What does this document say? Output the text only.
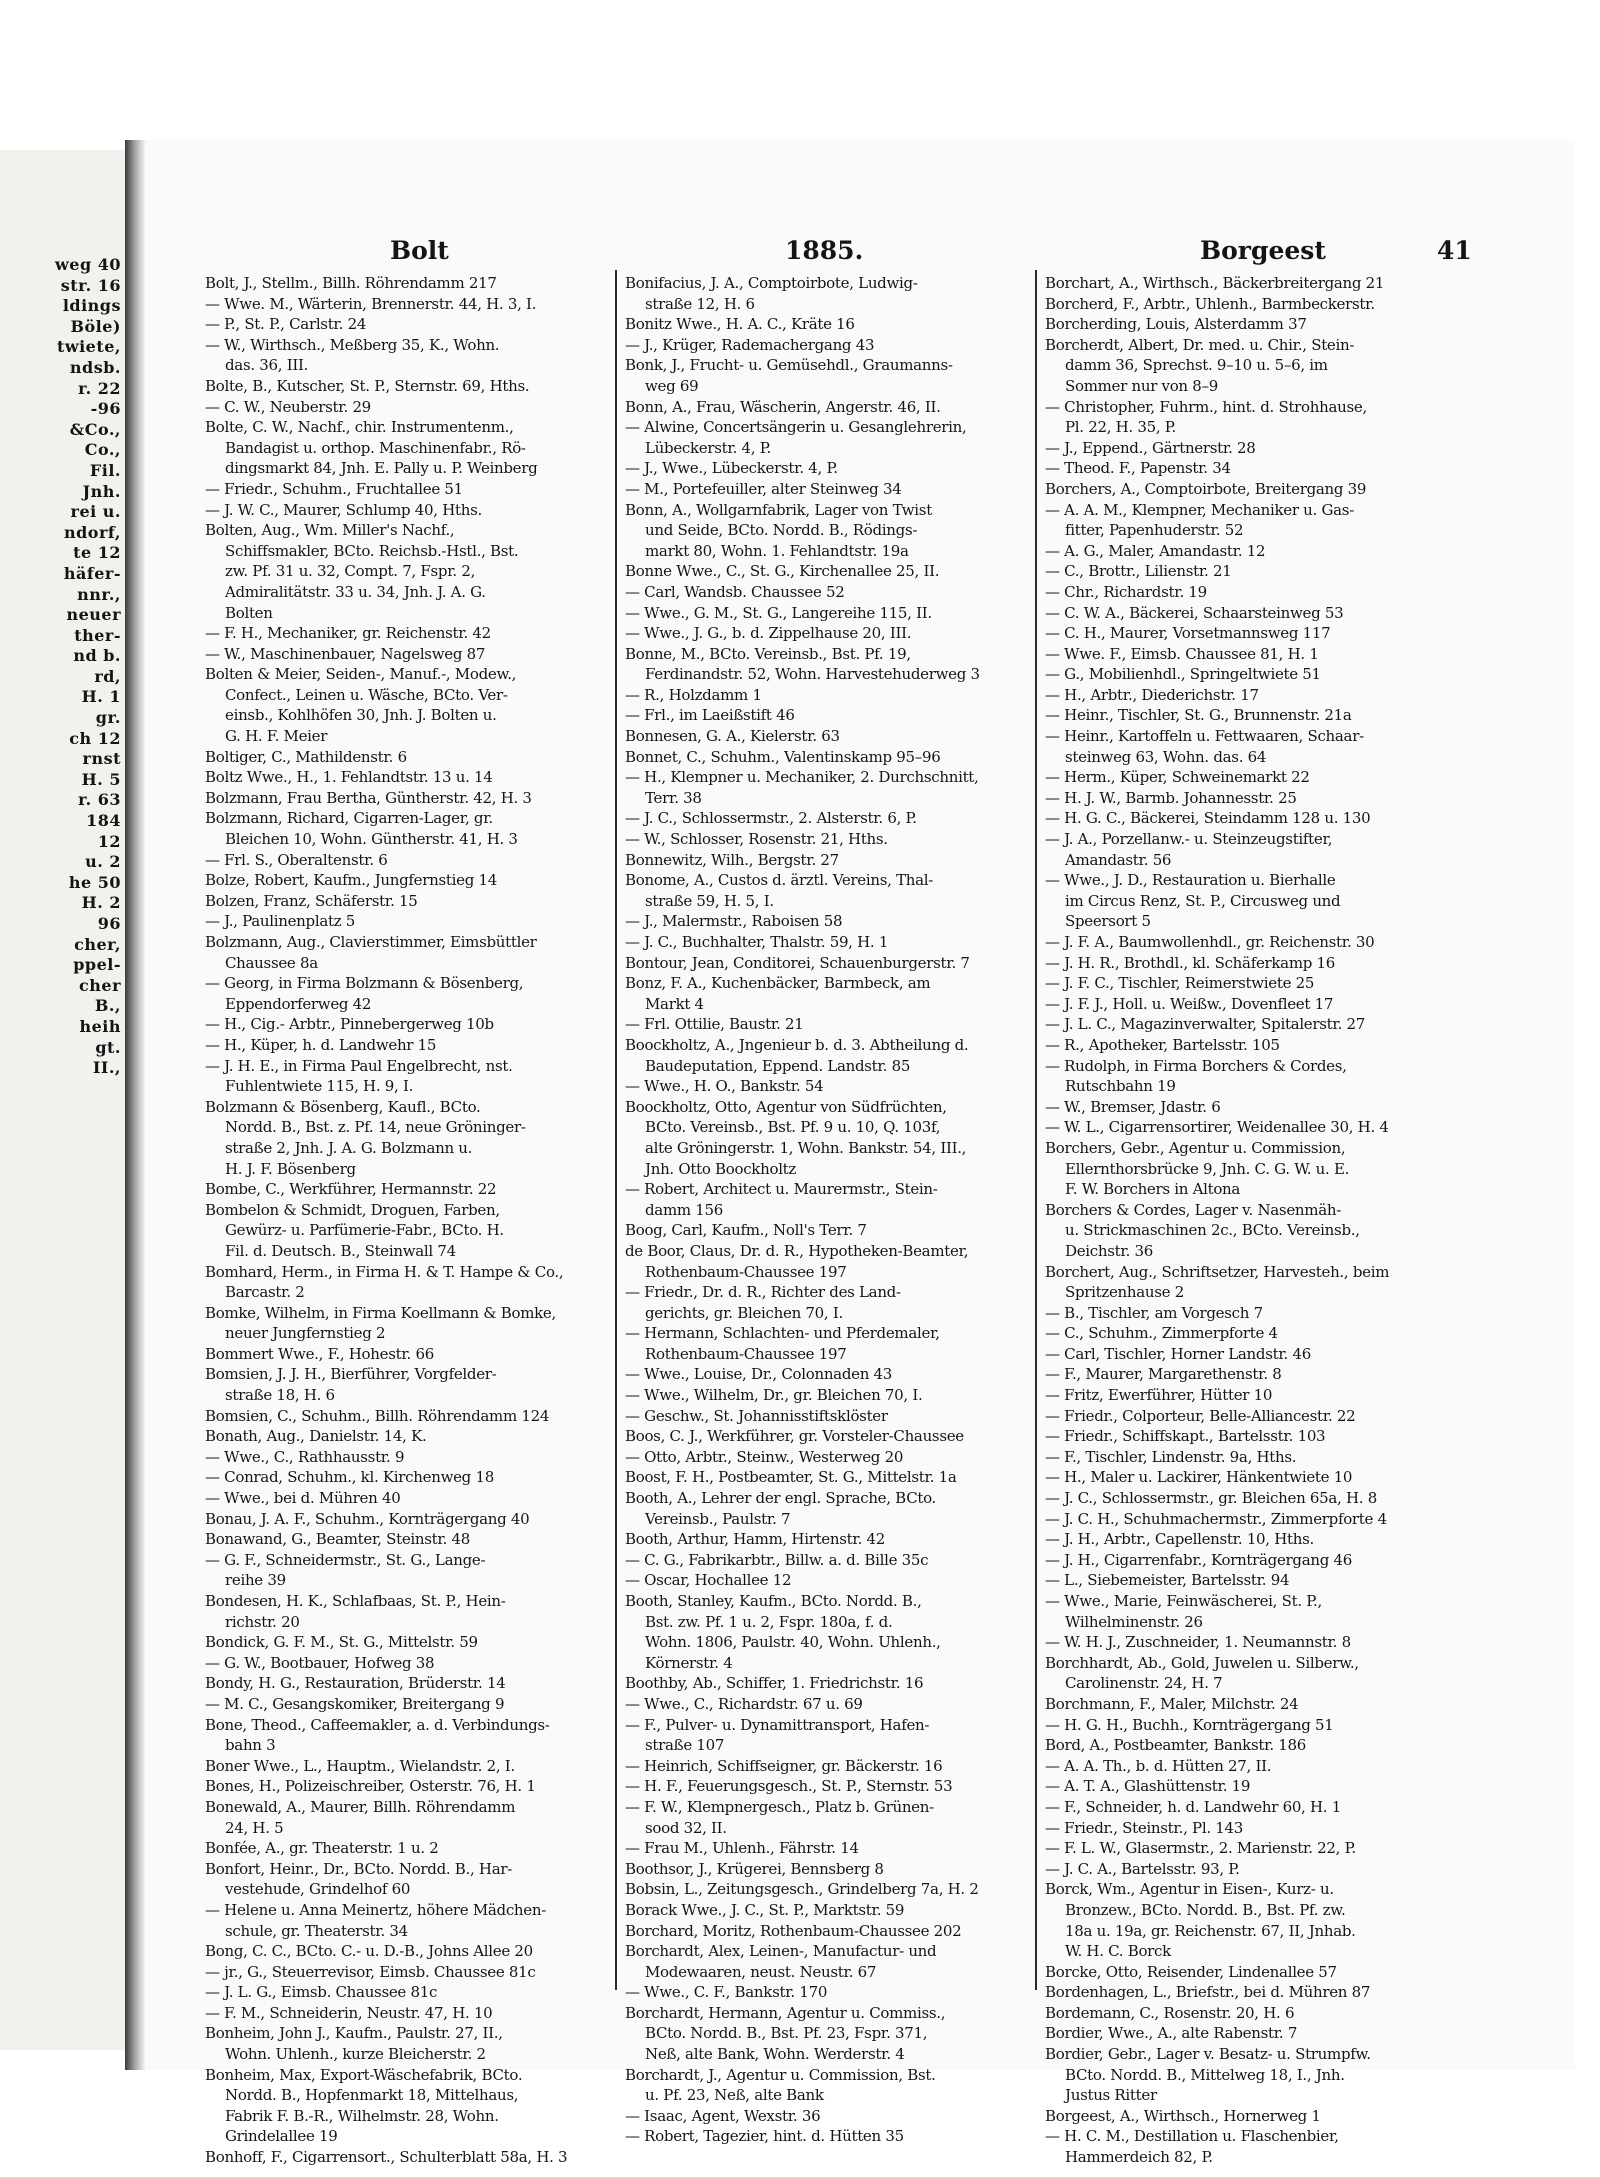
weg 40
str. 16
ldings
Böle)
twiete,
ndsb.
r. 22
-96
&Co.,
Co.,
Fil.
Jnh.
rei u.
ndorf,
te 12
häfer-
nnr.,
neuer
ther-
nd b.
rd,
H. 1
gr.
ch 12
rnst
H. 5
r. 63
184
12
u. 2
he 50
H. 2
96
cher,
ppel-
cher
B.,
heih
gt.
II.,
Bolt	1885.	Borgeest	41
Bolt, J., Stellm., Billh. Röhrendamm 217
— Wwe. M., Wärterin, Brennerstr. 44, H. 3, I.
— P., St. P., Carlstr. 24
— W., Wirthsch., Meßberg 35, K., Wohn.
das. 36, III.
Bolte, B., Kutscher, St. P., Sternstr. 69, Hths.
— C. W., Neuberstr. 29
Bolte, C. W., Nachf., chir. Instrumentenm.,
Bandagist u. orthop. Maschinenfabr., Rö-
dingsmarkt 84, Jnh. E. Pally u. P. Weinberg
— Friedr., Schuhm., Fruchtallee 51
— J. W. C., Maurer, Schlump 40, Hths.
Bolten, Aug., Wm. Miller's Nachf.,
Schiffsmakler, BCto. Reichsb.-Hstl., Bst.
zw. Pf. 31 u. 32, Compt. 7, Fspr. 2,
Admiralitätstr. 33 u. 34, Jnh. J. A. G.
Bolten
— F. H., Mechaniker, gr. Reichenstr. 42
— W., Maschinenbauer, Nagelsweg 87
Bolten & Meier, Seiden-, Manuf.-, Modew.,
Confect., Leinen u. Wäsche, BCto. Ver-
einsb., Kohlhöfen 30, Jnh. J. Bolten u.
G. H. F. Meier
Boltiger, C., Mathildenstr. 6
Boltz Wwe., H., 1. Fehlandtstr. 13 u. 14
Bolzmann, Frau Bertha, Güntherstr. 42, H. 3
Bolzmann, Richard, Cigarren-Lager, gr.
Bleichen 10, Wohn. Güntherstr. 41, H. 3
— Frl. S., Oberaltenstr. 6
Bolze, Robert, Kaufm., Jungfernstieg 14
Bolzen, Franz, Schäferstr. 15
— J., Paulinenplatz 5
Bolzmann, Aug., Clavierstimmer, Eimsbüttler
Chaussee 8a
— Georg, in Firma Bolzmann & Bösenberg,
Eppendorferweg 42
— H., Cig.- Arbtr., Pinnebergerweg 10b
— H., Küper, h. d. Landwehr 15
— J. H. E., in Firma Paul Engelbrecht, nst.
Fuhlentwiete 115, H. 9, I.
Bolzmann & Bösenberg, Kaufl., BCto.
Nordd. B., Bst. z. Pf. 14, neue Gröninger-
straße 2, Jnh. J. A. G. Bolzmann u.
H. J. F. Bösenberg
Bombe, C., Werkführer, Hermannstr. 22
Bombelon & Schmidt, Droguen, Farben,
Gewürz- u. Parfümerie-Fabr., BCto. H.
Fil. d. Deutsch. B., Steinwall 74
Bomhard, Herm., in Firma H. & T. Hampe & Co.,
Barcastr. 2
Bomke, Wilhelm, in Firma Koellmann & Bomke,
neuer Jungfernstieg 2
Bommert Wwe., F., Hohestr. 66
Bomsien, J. J. H., Bierführer, Vorgfelder-
straße 18, H. 6
Bomsien, C., Schuhm., Billh. Röhrendamm 124
Bonath, Aug., Danielstr. 14, K.
— Wwe., C., Rathhausstr. 9
— Conrad, Schuhm., kl. Kirchenweg 18
— Wwe., bei d. Mühren 40
Bonau, J. A. F., Schuhm., Kornträgergang 40
Bonawand, G., Beamter, Steinstr. 48
— G. F., Schneidermstr., St. G., Lange-
reihe 39
Bondesen, H. K., Schlafbaas, St. P., Hein-
richstr. 20
Bondick, G. F. M., St. G., Mittelstr. 59
— G. W., Bootbauer, Hofweg 38
Bondy, H. G., Restauration, Brüderstr. 14
— M. C., Gesangskomiker, Breitergang 9
Bone, Theod., Caffeemakler, a. d. Verbindungs-
bahn 3
Boner Wwe., L., Hauptm., Wielandstr. 2, I.
Bones, H., Polizeischreiber, Osterstr. 76, H. 1
Bonewald, A., Maurer, Billh. Röhrendamm
24, H. 5
Bonfée, A., gr. Theaterstr. 1 u. 2
Bonfort, Heinr., Dr., BCto. Nordd. B., Har-
vestehude, Grindelhof 60
— Helene u. Anna Meinertz, höhere Mädchen-
schule, gr. Theaterstr. 34
Bong, C. C., BCto. C.- u. D.-B., Johns Allee 20
— jr., G., Steuerrevisor, Eimsb. Chaussee 81c
— J. L. G., Eimsb. Chaussee 81c
— F. M., Schneiderin, Neustr. 47, H. 10
Bonheim, John J., Kaufm., Paulstr. 27, II.,
Wohn. Uhlenh., kurze Bleicherstr. 2
Bonheim, Max, Export-Wäschefabrik, BCto.
Nordd. B., Hopfenmarkt 18, Mittelhaus,
Fabrik F. B.-R., Wilhelmstr. 28, Wohn.
Grindelallee 19
Bonhoff, F., Cigarrensort., Schulterblatt 58a, H. 3
Bonifacius, J. A., Comptoirbote, Ludwig-
straße 12, H. 6
Bonitz Wwe., H. A. C., Kräte 16
— J., Krüger, Rademachergang 43
Bonk, J., Frucht- u. Gemüsehdl., Graumanns-
weg 69
Bonn, A., Frau, Wäscherin, Angerstr. 46, II.
— Alwine, Concertsängerin u. Gesanglehrerin,
Lübeckerstr. 4, P.
— J., Wwe., Lübeckerstr. 4, P.
— M., Portefeuiller, alter Steinweg 34
Bonn, A., Wollgarnfabrik, Lager von Twist
und Seide, BCto. Nordd. B., Rödings-
markt 80, Wohn. 1. Fehlandtstr. 19a
Bonne Wwe., C., St. G., Kirchenallee 25, II.
— Carl, Wandsb. Chaussee 52
— Wwe., G. M., St. G., Langereihe 115, II.
— Wwe., J. G., b. d. Zippelhause 20, III.
Bonne, M., BCto. Vereinsb., Bst. Pf. 19,
Ferdinandstr. 52, Wohn. Harvestehuderweg 3
— R., Holzdamm 1
— Frl., im Laeißstift 46
Bonnesen, G. A., Kielerstr. 63
Bonnet, C., Schuhm., Valentinskamp 95–96
— H., Klempner u. Mechaniker, 2. Durchschnitt,
Terr. 38
— J. C., Schlossermstr., 2. Alsterstr. 6, P.
— W., Schlosser, Rosenstr. 21, Hths.
Bonnewitz, Wilh., Bergstr. 27
Bonome, A., Custos d. ärztl. Vereins, Thal-
straße 59, H. 5, I.
— J., Malermstr., Raboisen 58
— J. C., Buchhalter, Thalstr. 59, H. 1
Bontour, Jean, Conditorei, Schauenburgerstr. 7
Bonz, F. A., Kuchenbäcker, Barmbeck, am
Markt 4
— Frl. Ottilie, Baustr. 21
Boockholtz, A., Jngenieur b. d. 3. Abtheilung d.
Baudeputation, Eppend. Landstr. 85
— Wwe., H. O., Bankstr. 54
Boockholtz, Otto, Agentur von Südfrüchten,
BCto. Vereinsb., Bst. Pf. 9 u. 10, Q. 103f,
alte Gröningerstr. 1, Wohn. Bankstr. 54, III.,
Jnh. Otto Boockholtz
— Robert, Architect u. Maurermstr., Stein-
damm 156
Boog, Carl, Kaufm., Noll's Terr. 7
de Boor, Claus, Dr. d. R., Hypotheken-Beamter,
Rothenbaum-Chaussee 197
— Friedr., Dr. d. R., Richter des Land-
gerichts, gr. Bleichen 70, I.
— Hermann, Schlachten- und Pferdemaler,
Rothenbaum-Chaussee 197
— Wwe., Louise, Dr., Colonnaden 43
— Wwe., Wilhelm, Dr., gr. Bleichen 70, I.
— Geschw., St. Johannisstiftsklöster
Boos, C. J., Werkführer, gr. Vorsteler-Chaussee
— Otto, Arbtr., Steinw., Westerweg 20
Boost, F. H., Postbeamter, St. G., Mittelstr. 1a
Booth, A., Lehrer der engl. Sprache, BCto.
Vereinsb., Paulstr. 7
Booth, Arthur, Hamm, Hirtenstr. 42
— C. G., Fabrikarbtr., Billw. a. d. Bille 35c
— Oscar, Hochallee 12
Booth, Stanley, Kaufm., BCto. Nordd. B.,
Bst. zw. Pf. 1 u. 2, Fspr. 180a, f. d.
Wohn. 1806, Paulstr. 40, Wohn. Uhlenh.,
Körnerstr. 4
Boothby, Ab., Schiffer, 1. Friedrichstr. 16
— Wwe., C., Richardstr. 67 u. 69
— F., Pulver- u. Dynamittransport, Hafen-
straße 107
— Heinrich, Schiffseigner, gr. Bäckerstr. 16
— H. F., Feuerungsgesch., St. P., Sternstr. 53
— F. W., Klempnergesch., Platz b. Grünen-
sood 32, II.
— Frau M., Uhlenh., Fährstr. 14
Boothsor, J., Krügerei, Bennsberg 8
Bobsin, L., Zeitungsgesch., Grindelberg 7a, H. 2
Borack Wwe., J. C., St. P., Marktstr. 59
Borchard, Moritz, Rothenbaum-Chaussee 202
Borchardt, Alex, Leinen-, Manufactur- und
Modewaaren, neust. Neustr. 67
— Wwe., C. F., Bankstr. 170
Borchardt, Hermann, Agentur u. Commiss.,
BCto. Nordd. B., Bst. Pf. 23, Fspr. 371,
Neß, alte Bank, Wohn. Werderstr. 4
Borchardt, J., Agentur u. Commission, Bst.
u. Pf. 23, Neß, alte Bank
— Isaac, Agent, Wexstr. 36
— Robert, Tagezier, hint. d. Hütten 35
Borchart, A., Wirthsch., Bäckerbreitergang 21
Borcherd, F., Arbtr., Uhlenh., Barmbeckerstr.
Borcherding, Louis, Alsterdamm 37
Borcherdt, Albert, Dr. med. u. Chir., Stein-
damm 36, Sprechst. 9–10 u. 5–6, im
Sommer nur von 8–9
— Christopher, Fuhrm., hint. d. Strohhause,
Pl. 22, H. 35, P.
— J., Eppend., Gärtnerstr. 28
— Theod. F., Papenstr. 34
Borchers, A., Comptoirbote, Breitergang 39
— A. A. M., Klempner, Mechaniker u. Gas-
fitter, Papenhuderstr. 52
— A. G., Maler, Amandastr. 12
— C., Brottr., Lilienstr. 21
— Chr., Richardstr. 19
— C. W. A., Bäckerei, Schaarsteinweg 53
— C. H., Maurer, Vorsetmannsweg 117
— Wwe. F., Eimsb. Chaussee 81, H. 1
— G., Mobilienhdl., Springeltwiete 51
— H., Arbtr., Diederichstr. 17
— Heinr., Tischler, St. G., Brunnenstr. 21a
— Heinr., Kartoffeln u. Fettwaaren, Schaar-
steinweg 63, Wohn. das. 64
— Herm., Küper, Schweinemarkt 22
— H. J. W., Barmb. Johannesstr. 25
— H. G. C., Bäckerei, Steindamm 128 u. 130
— J. A., Porzellanw.- u. Steinzeugstifter,
Amandastr. 56
— Wwe., J. D., Restauration u. Bierhalle
im Circus Renz, St. P., Circusweg und
Speersort 5
— J. F. A., Baumwollenhdl., gr. Reichenstr. 30
— J. H. R., Brothdl., kl. Schäferkamp 16
— J. F. C., Tischler, Reimerstwiete 25
— J. F. J., Holl. u. Weißw., Dovenfleet 17
— J. L. C., Magazinverwalter, Spitalerstr. 27
— R., Apotheker, Bartelsstr. 105
— Rudolph, in Firma Borchers & Cordes,
Rutschbahn 19
— W., Bremser, Jdastr. 6
— W. L., Cigarrensortirer, Weidenallee 30, H. 4
Borchers, Gebr., Agentur u. Commission,
Ellernthorsbrücke 9, Jnh. C. G. W. u. E.
F. W. Borchers in Altona
Borchers & Cordes, Lager v. Nasenmäh-
u. Strickmaschinen 2c., BCto. Vereinsb.,
Deichstr. 36
Borchert, Aug., Schriftsetzer, Harvesteh., beim
Spritzenhause 2
— B., Tischler, am Vorgesch 7
— C., Schuhm., Zimmerpforte 4
— Carl, Tischler, Horner Landstr. 46
— F., Maurer, Margarethenstr. 8
— Fritz, Ewerführer, Hütter 10
— Friedr., Colporteur, Belle-Alliancestr. 22
— Friedr., Schiffskapt., Bartelsstr. 103
— F., Tischler, Lindenstr. 9a, Hths.
— H., Maler u. Lackirer, Hänkentwiete 10
— J. C., Schlossermstr., gr. Bleichen 65a, H. 8
— J. C. H., Schuhmachermstr., Zimmerpforte 4
— J. H., Arbtr., Capellenstr. 10, Hths.
— J. H., Cigarrenfabr., Kornträgergang 46
— L., Siebemeister, Bartelsstr. 94
— Wwe., Marie, Feinwäscherei, St. P.,
Wilhelminenstr. 26
— W. H. J., Zuschneider, 1. Neumannstr. 8
Borchhardt, Ab., Gold, Juwelen u. Silberw.,
Carolinenstr. 24, H. 7
Borchmann, F., Maler, Milchstr. 24
— H. G. H., Buchh., Kornträgergang 51
Bord, A., Postbeamter, Bankstr. 186
— A. A. Th., b. d. Hütten 27, II.
— A. T. A., Glashüttenstr. 19
— F., Schneider, h. d. Landwehr 60, H. 1
— Friedr., Steinstr., Pl. 143
— F. L. W., Glasermstr., 2. Marienstr. 22, P.
— J. C. A., Bartelsstr. 93, P.
Borck, Wm., Agentur in Eisen-, Kurz- u.
Bronzew., BCto. Nordd. B., Bst. Pf. zw.
18a u. 19a, gr. Reichenstr. 67, II, Jnhab.
W. H. C. Borck
Borcke, Otto, Reisender, Lindenallee 57
Bordenhagen, L., Briefstr., bei d. Mühren 87
Bordemann, C., Rosenstr. 20, H. 6
Bordier, Wwe., A., alte Rabenstr. 7
Bordier, Gebr., Lager v. Besatz- u. Strumpfw.
BCto. Nordd. B., Mittelweg 18, I., Jnh.
Justus Ritter
Borgeest, A., Wirthsch., Hornerweg 1
— H. C. M., Destillation u. Flaschenbier,
Hammerdeich 82, P.
